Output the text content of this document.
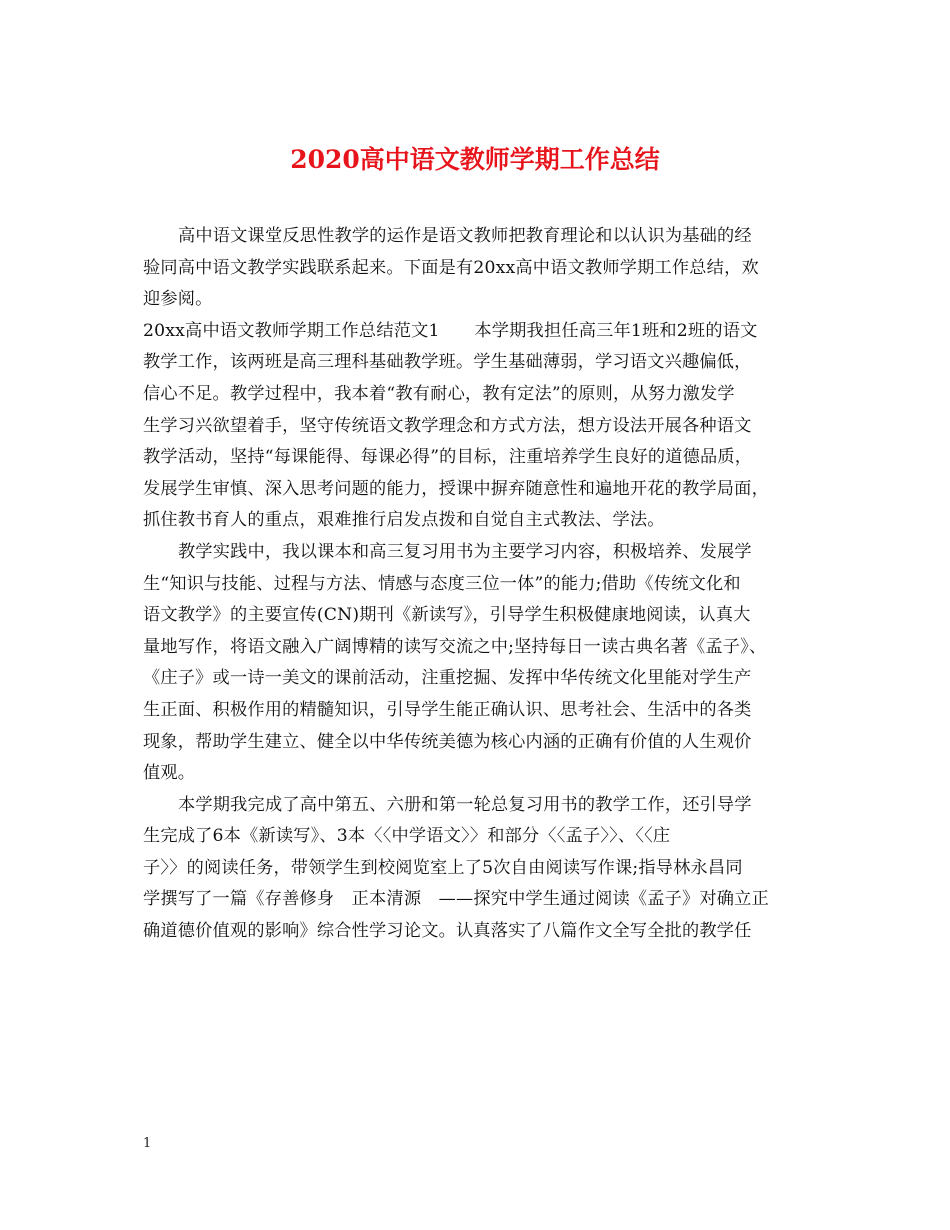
2020高中语文教师学期工作总结
高中语文课堂反思性教学的运作是语文教师把教育理论和以认识为基础的经
验同高中语文教学实践联系起来。下面是有20xx高中语文教师学期工作总结，欢
迎参阅。
20xx高中语文教师学期工作总结范文1　　本学期我担任高三年1班和2班的语文
教学工作，该两班是高三理科基础教学班。学生基础薄弱，学习语文兴趣偏低，
信心不足。教学过程中，我本着“教有耐心，教有定法”的原则，从努力激发学
生学习兴欲望着手，坚守传统语文教学理念和方式方法，想方设法开展各种语文
教学活动，坚持“每课能得、每课必得”的目标，注重培养学生良好的道德品质，
发展学生审慎、深入思考问题的能力，授课中摒弃随意性和遍地开花的教学局面，
抓住教书育人的重点，艰难推行启发点拨和自觉自主式教法、学法。
教学实践中，我以课本和高三复习用书为主要学习内容，积极培养、发展学
生“知识与技能、过程与方法、情感与态度三位一体”的能力;借助《传统文化和
语文教学》的主要宣传(CN)期刊《新读写》，引导学生积极健康地阅读，认真大
量地写作，将语文融入广阔博精的读写交流之中;坚持每日一读古典名著《孟子》、
《庄子》或一诗一美文的课前活动，注重挖掘、发挥中华传统文化里能对学生产
生正面、积极作用的精髓知识，引导学生能正确认识、思考社会、生活中的各类
现象，帮助学生建立、健全以中华传统美德为核心内涵的正确有价值的人生观价
值观。
本学期我完成了高中第五、六册和第一轮总复习用书的教学工作，还引导学
生完成了6本《新读写》、3本〈〈中学语文〉〉和部分〈〈孟子〉〉、〈〈庄
子〉〉的阅读任务，带领学生到校阅览室上了5次自由阅读写作课;指导林永昌同
学撰写了一篇《存善修身　正本清源　——探究中学生通过阅读《孟子》对确立正
确道德价值观的影响》综合性学习论文。认真落实了八篇作文全写全批的教学任
1
